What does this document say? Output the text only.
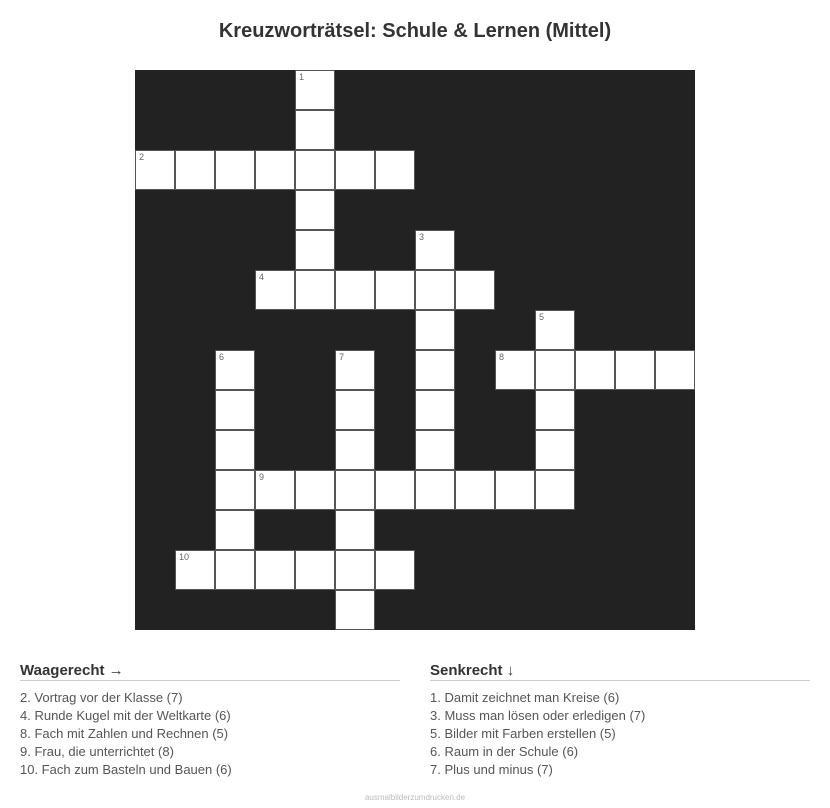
Kreuzworträtsel: Schule & Lernen (Mittel)
1
2
3
4
5
6	7	8
9
10
Waagerecht →
2. Vortrag vor der Klasse (7)
4. Runde Kugel mit der Weltkarte (6)
8. Fach mit Zahlen und Rechnen (5)
9. Frau, die unterrichtet (8)
10. Fach zum Basteln und Bauen (6)
Senkrecht ↓
1. Damit zeichnet man Kreise (6)
3. Muss man lösen oder erledigen (7)
5. Bilder mit Farben erstellen (5)
6. Raum in der Schule (6)
7. Plus und minus (7)
ausmalbilderzumdrucken.de
